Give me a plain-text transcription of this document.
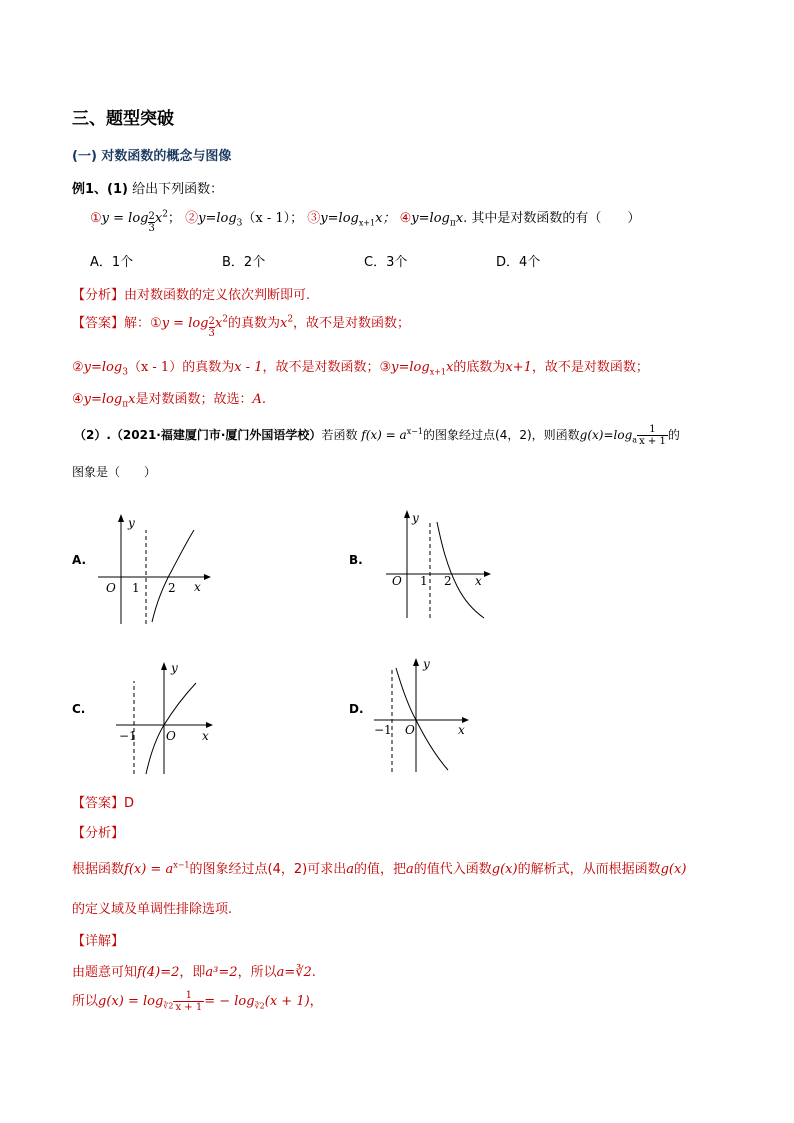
三、题型突破
(一) 对数函数的概念与图像
例1、(1) 给出下列函数：
①y = $\log \frac{2}{3} x^2$； $②y=\log_3(x - 1)$； $③y=\log_{x+1}x$； $④y=\log_\pi x$. 其中是对数函数的有（　　）
A．1个	B．2个	C．3个	D．4个
【分析】由对数函数的定义依次判断即可.
【答案】解：①y = $\log \frac{2}{3} x^2$的真数为$x^2$，故不是对数函数；
$②y=\log_3(x - 1)$的真数为x - 1，故不是对数函数；$③y=\log_{x+1}x$的底数为x+1，故不是对数函数；
$④y=\log_\pi x$是对数函数；故选：A.
（2）.（2021·福建厦门市·厦门外国语学校）若函数 $f(x) = a^{x-1}$的图象经过点(4，2)，则函数$g(x)=\log_a \frac{1}{x + 1}$ 的
图象是（　　）
A.
y
x
O 1 2
B.
y
x
O 1 2
C.
y
x
−1 O
D.
y
x
−1 O
【答案】D
【分析】
根据函数$f(x) = a^{x-1}$的图象经过点(4，2)可求出a的值，把a的值代入函数g(x)的解析式，从而根据函数g(x)
的定义域及单调性排除选项.
【详解】
由题意可知f(4)=2，即a³=2，所以a=∛2.
所以$g(x) = \log_{∛2} \frac{1}{x + 1}$ = − $\log_{∛2}(x + 1)$，
